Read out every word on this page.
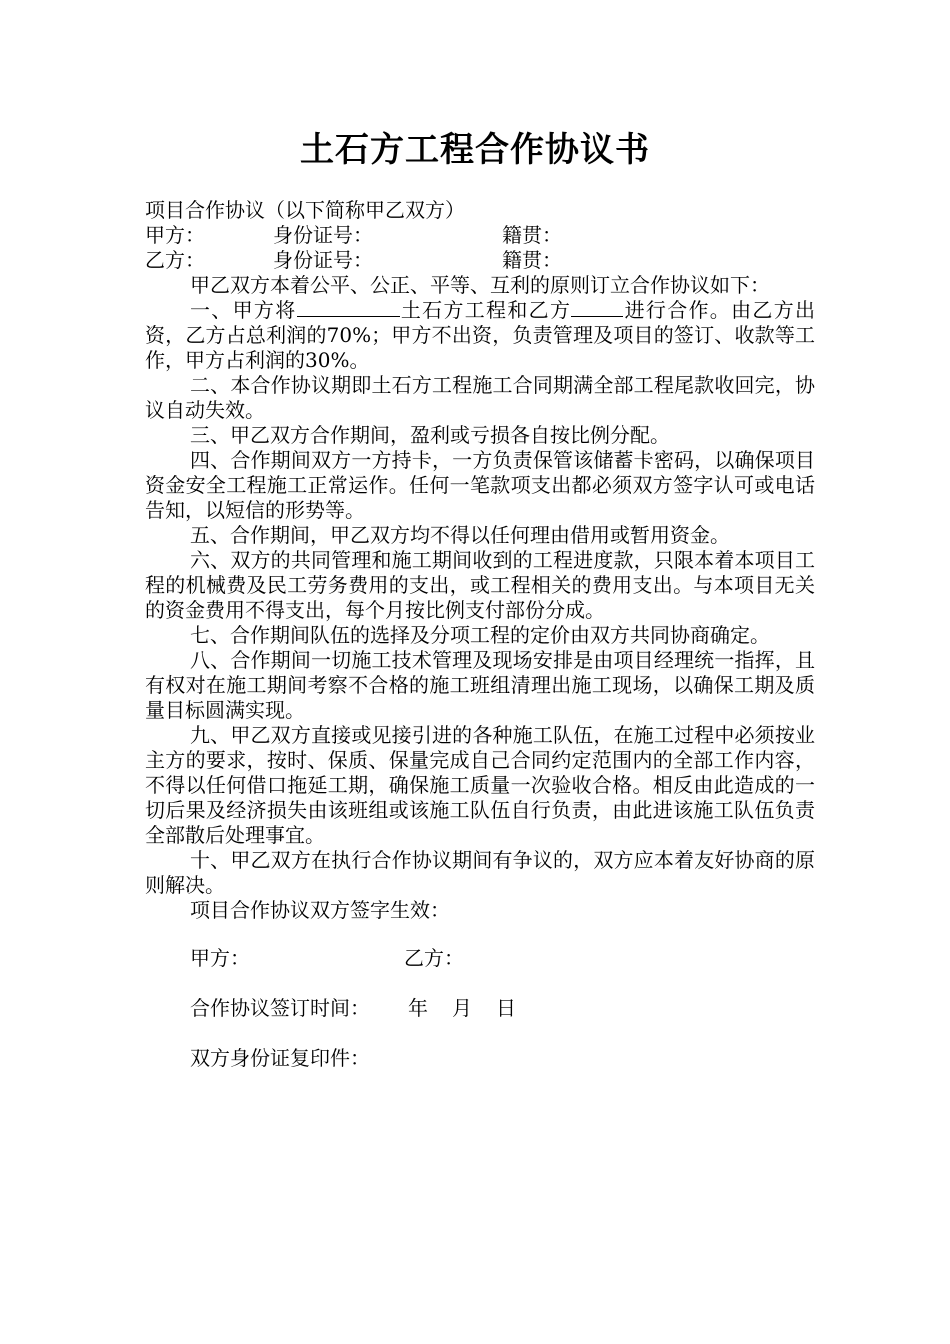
土石方工程合作协议书
项目合作协议（以下简称甲乙双方）
甲方：	身份证号：	籍贯：
乙方：	身份证号：	籍贯：
甲乙双方本着公平、公正、平等、互利的原则订立合作协议如下：
一、甲方将	土石方工程和乙方	进行合作。由乙方出资，乙方占总利润的70%；甲方不出资，负责管理及项目的签订、收款等工作，甲方占利润的30%。
二、本合作协议期即土石方工程施工合同期满全部工程尾款收回完，协议自动失效。
三、甲乙双方合作期间，盈利或亏损各自按比例分配。
四、合作期间双方一方持卡，一方负责保管该储蓄卡密码，以确保项目资金安全工程施工正常运作。任何一笔款项支出都必须双方签字认可或电话告知，以短信的形势等。
五、合作期间，甲乙双方均不得以任何理由借用或暂用资金。
六、双方的共同管理和施工期间收到的工程进度款，只限本着本项目工程的机械费及民工劳务费用的支出，或工程相关的费用支出。与本项目无关的资金费用不得支出，每个月按比例支付部份分成。
七、合作期间队伍的选择及分项工程的定价由双方共同协商确定。
八、合作期间一切施工技术管理及现场安排是由项目经理统一指挥，且有权对在施工期间考察不合格的施工班组清理出施工现场，以确保工期及质量目标圆满实现。
九、甲乙双方直接或见接引进的各种施工队伍，在施工过程中必须按业主方的要求，按时、保质、保量完成自己合同约定范围内的全部工作内容，不得以任何借口拖延工期，确保施工质量一次验收合格。相反由此造成的一切后果及经济损失由该班组或该施工队伍自行负责，由此进该施工队伍负责全部散后处理事宜。
十、甲乙双方在执行合作协议期间有争议的，双方应本着友好协商的原则解决。
项目合作协议双方签字生效：
甲方：	乙方：
合作协议签订时间： 年 月 日
双方身份证复印件：
